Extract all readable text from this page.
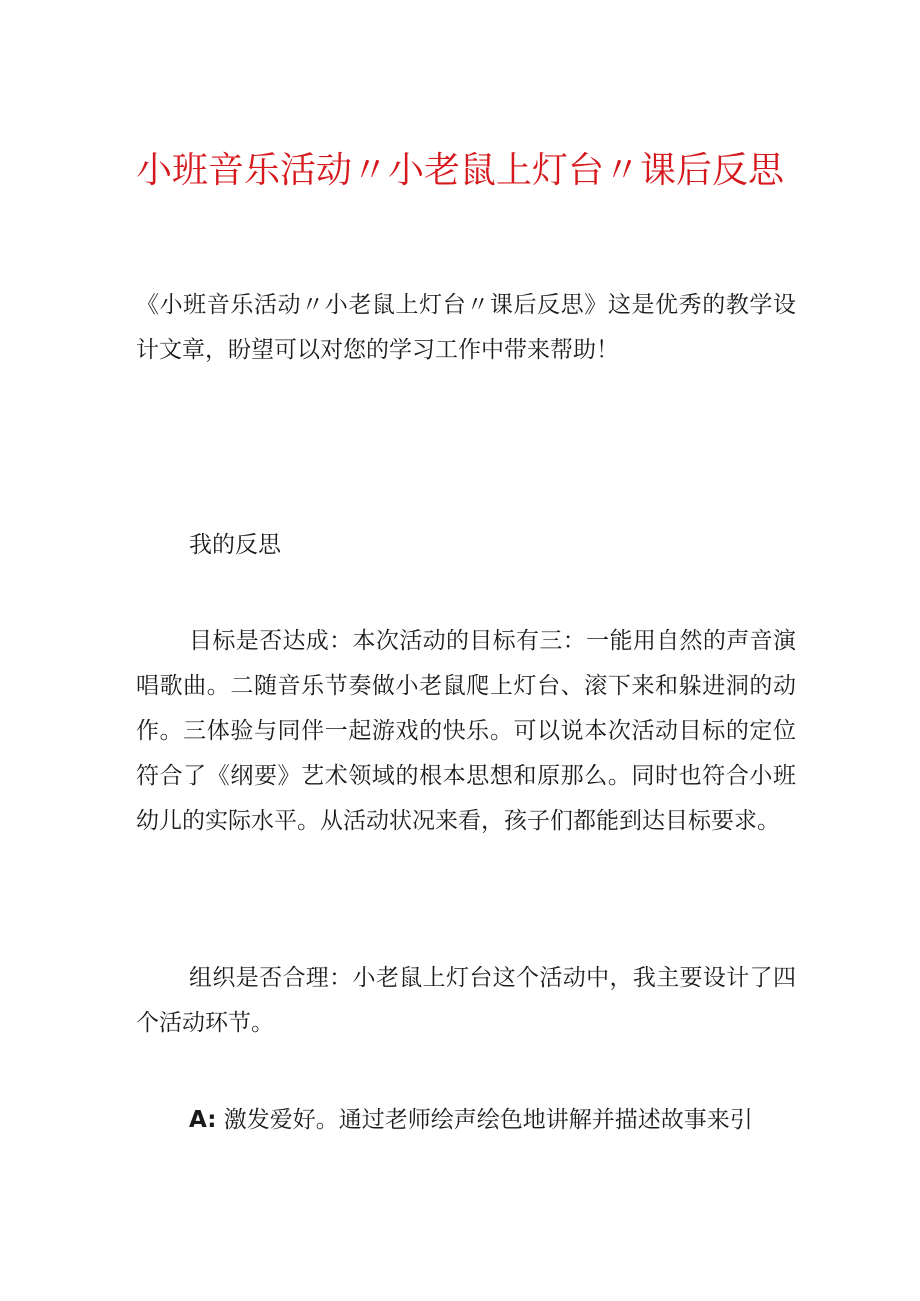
小班音乐活动〃小老鼠上灯台〃课后反思

《小班音乐活动〃小老鼠上灯台〃课后反思》这是优秀的教学设计文章，盼望可以对您的学习工作中带来帮助！

我的反思

目标是否达成：本次活动的目标有三：一能用自然的声音演唱歌曲。二随音乐节奏做小老鼠爬上灯台、滚下来和躲进洞的动作。三体验与同伴一起游戏的快乐。可以说本次活动目标的定位符合了《纲要》艺术领域的根本思想和原那么。同时也符合小班幼儿的实际水平。从活动状况来看，孩子们都能到达目标要求。

组织是否合理：小老鼠上灯台这个活动中，我主要设计了四个活动环节。

A: 激发爱好。通过老师绘声绘色地讲解并描述故事来引
